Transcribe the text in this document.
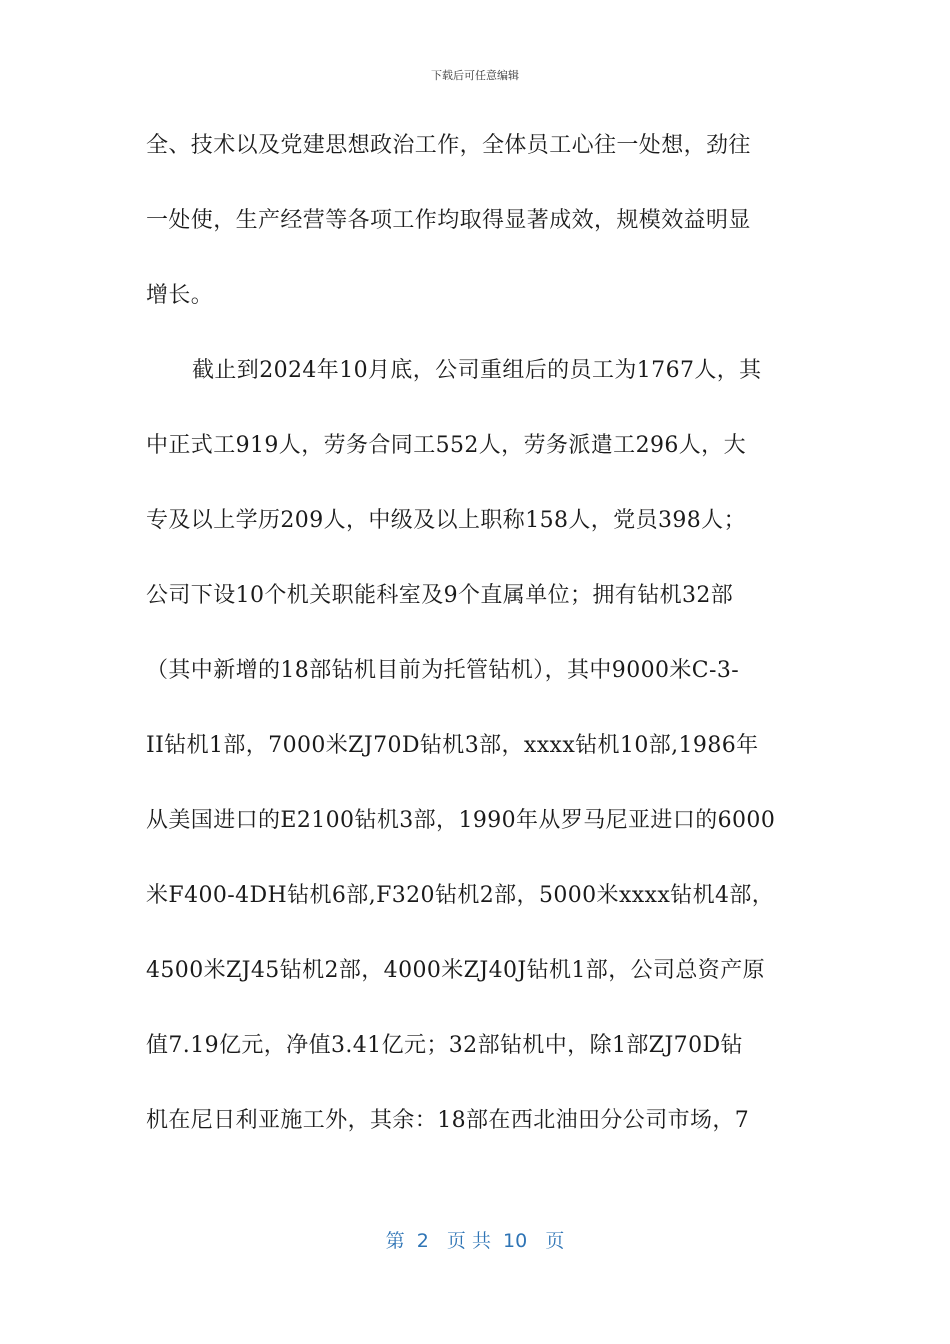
下载后可任意编辑
全、技术以及党建思想政治工作，全体员工心往一处想，劲往
一处使，生产经营等各项工作均取得显著成效，规模效益明显
增长。
截止到2024年10月底，公司重组后的员工为1767人，其
中正式工919人，劳务合同工552人，劳务派遣工296人，大
专及以上学历209人，中级及以上职称158人，党员398人；
公司下设10个机关职能科室及9个直属单位；拥有钻机32部
（其中新增的18部钻机目前为托管钻机），其中9000米C-3-
II钻机1部，7000米ZJ70D钻机3部，xxxx钻机10部,1986年
从美国进口的E2100钻机3部，1990年从罗马尼亚进口的6000
米F400-4DH钻机6部,F320钻机2部，5000米xxxx钻机4部，
4500米ZJ45钻机2部，4000米ZJ40J钻机1部，公司总资产原
值7.19亿元，净值3.41亿元；32部钻机中，除1部ZJ70D钻
机在尼日利亚施工外，其余：18部在西北油田分公司市场，7
第  2   页 共  10   页
